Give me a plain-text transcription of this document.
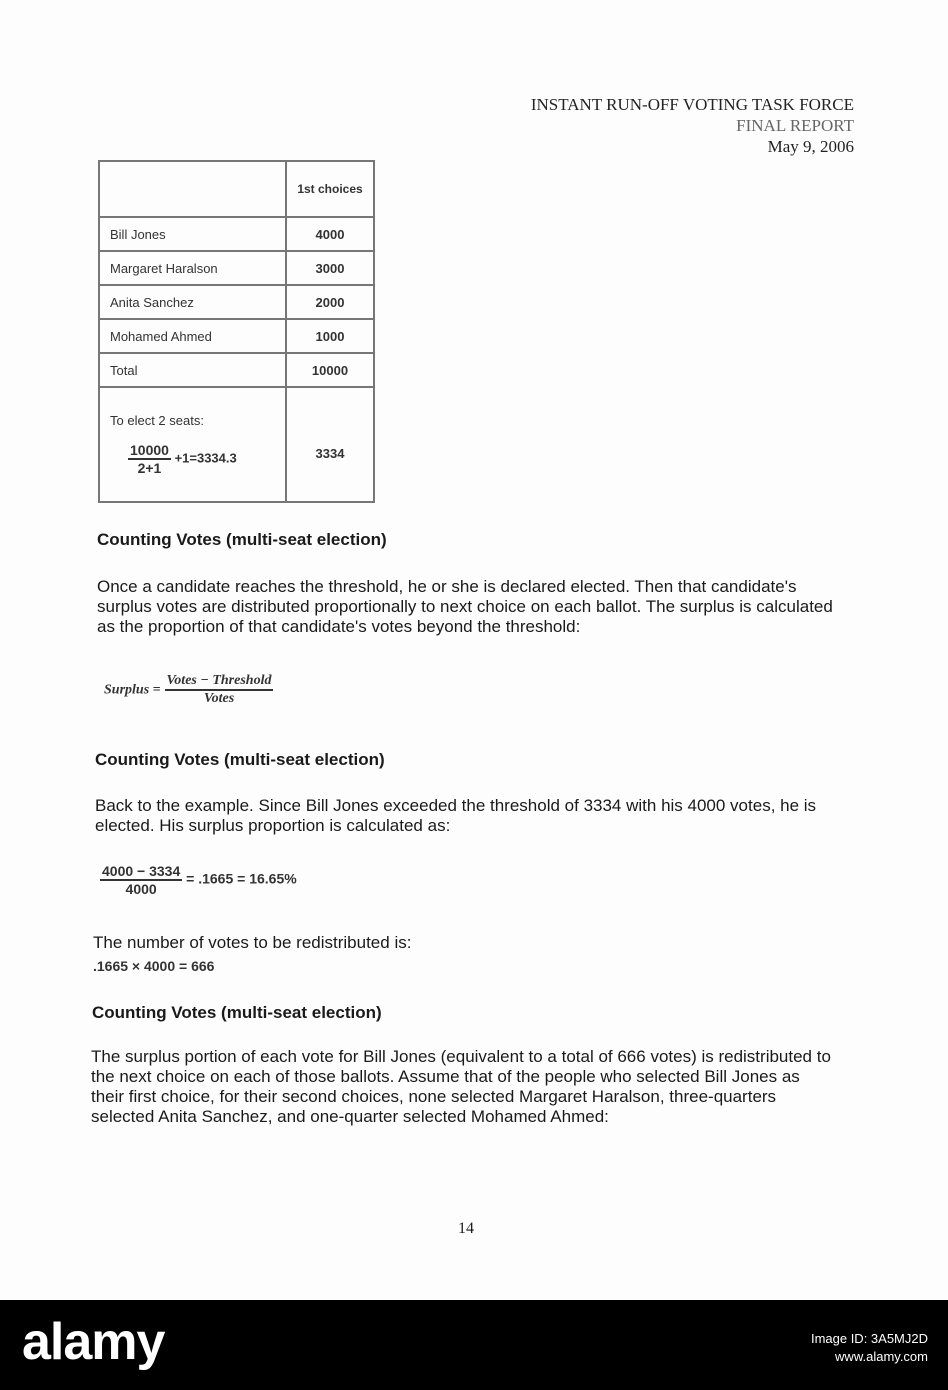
INSTANT RUN-OFF VOTING TASK FORCE
FINAL REPORT
May 9, 2006
	1st choices
Bill Jones	4000
Margaret Haralson	3000
Anita Sanchez	2000
Mohamed Ahmed	1000
Total	10000

To elect 2 seats:
$\frac{10000}{2+1} +1=3334.3$	3334
Counting Votes (multi-seat election)
Once a candidate reaches the threshold, he or she is declared elected. Then that candidate's surplus votes are distributed proportionally to next choice on each ballot. The surplus is calculated as the proportion of that candidate's votes beyond the threshold:
Surplus = $\frac{\text{Votes − Threshold}}{\text{Votes}}$
Counting Votes (multi-seat election)
Back to the example. Since Bill Jones exceeded the threshold of 3334 with his 4000 votes, he is elected. His surplus proportion is calculated as:
$\frac{4000 - 3334}{4000} = .1665 = 16.65\%$
The number of votes to be redistributed is:
.1665 × 4000 = 666
Counting Votes (multi-seat election)
The surplus portion of each vote for Bill Jones (equivalent to a total of 666 votes) is redistributed to the next choice on each of those ballots. Assume that of the people who selected Bill Jones as their first choice, for their second choices, none selected Margaret Haralson, three-quarters selected Anita Sanchez, and one-quarter selected Mohamed Ahmed:
14
alamy	Image ID: 3A5MJ2D
www.alamy.com
